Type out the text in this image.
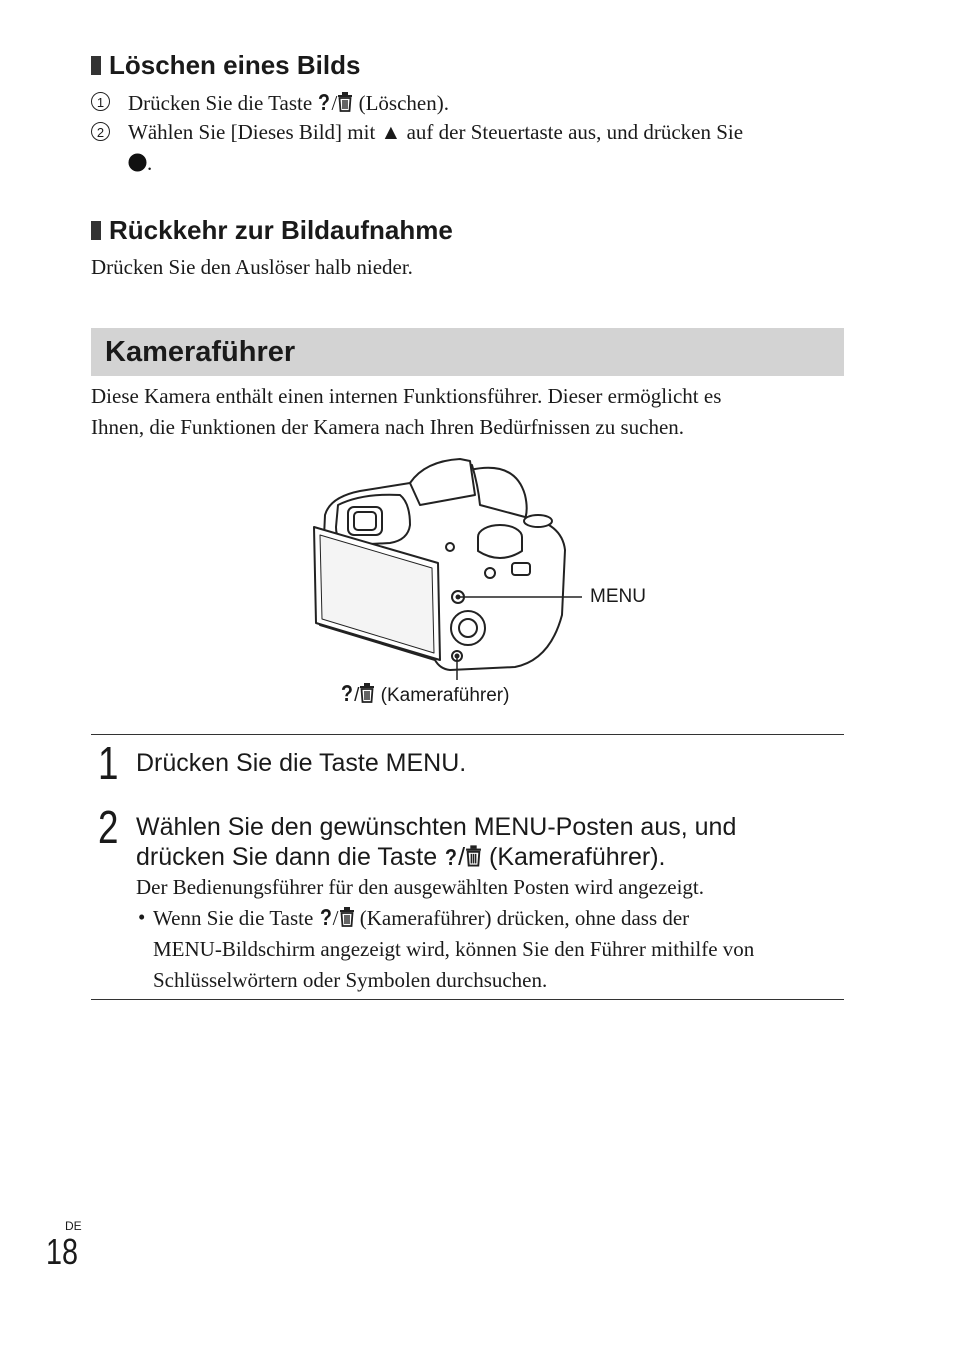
Löschen eines Bilds
1 Drücken Sie die Taste ?/ (Löschen).
2 Wählen Sie [Dieses Bild] mit ▲ auf der Steuertaste aus, und drücken Sie
.
Rückkehr zur Bildaufnahme
Drücken Sie den Auslöser halb nieder.
Kameraführer
Diese Kamera enthält einen internen Funktionsführer. Dieser ermöglicht es
Ihnen, die Funktionen der Kamera nach Ihren Bedürfnissen zu suchen.
MENU
?/ (Kameraführer)
1 Drücken Sie die Taste MENU.
2 Wählen Sie den gewünschten MENU-Posten aus, und
drücken Sie dann die Taste ?/ (Kameraführer).
Der Bedienungsführer für den ausgewählten Posten wird angezeigt.
• Wenn Sie die Taste ?/ (Kameraführer) drücken, ohne dass der
MENU-Bildschirm angezeigt wird, können Sie den Führer mithilfe von
Schlüsselwörtern oder Symbolen durchsuchen.
DE
18
